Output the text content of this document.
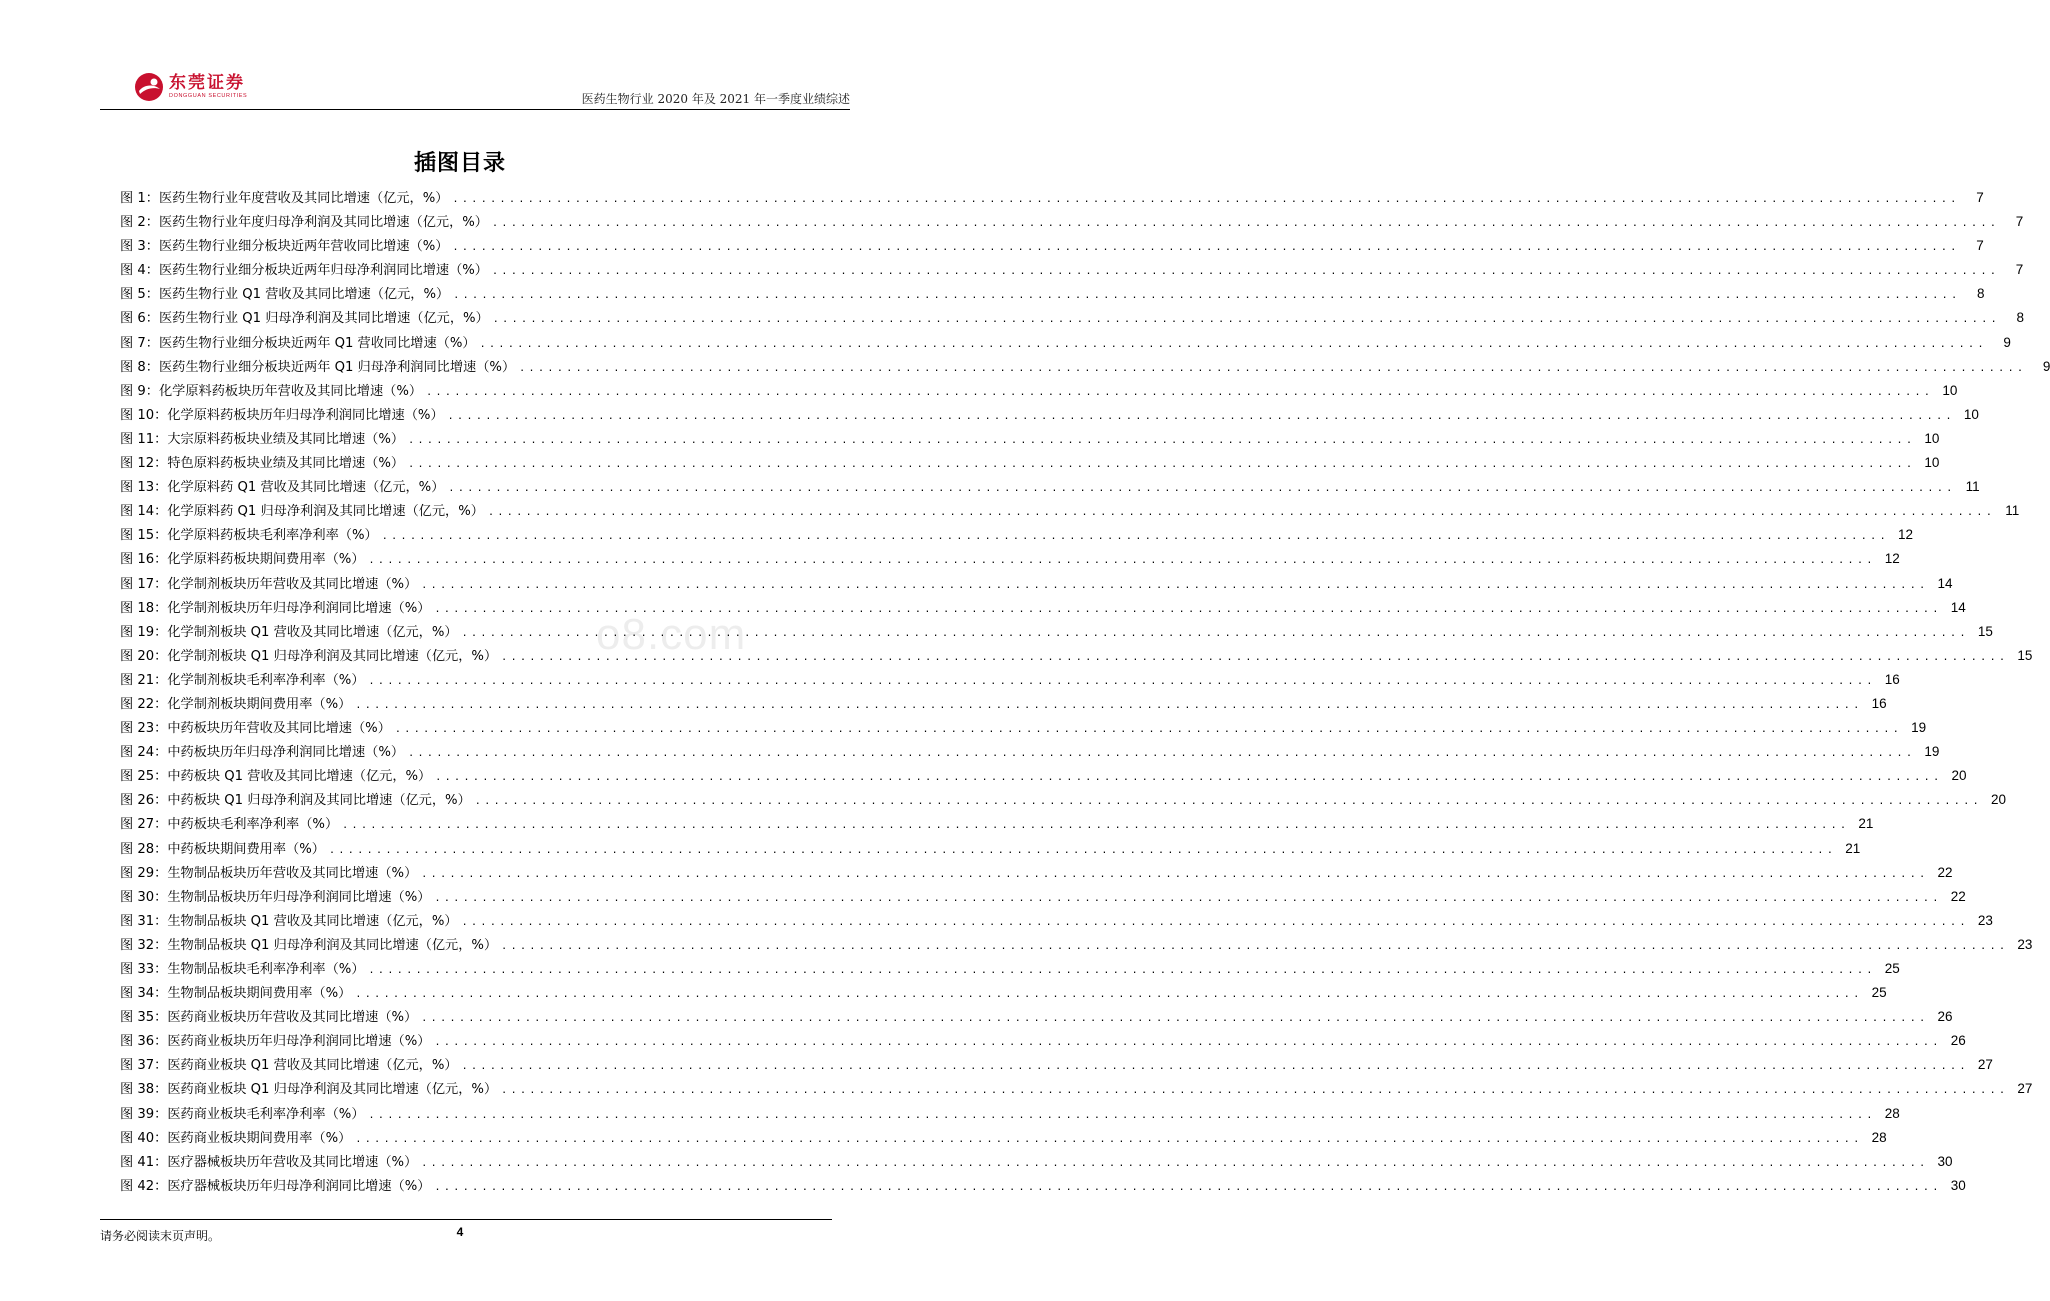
东莞证券
DONGGUAN SECURITIES	医药生物行业 2020 年及 2021 年一季度业绩综述
o8.com
插图目录
图 1：医药生物行业年度营收及其同比增速（亿元，%） ................................................................................................................................................................	7
图 2：医药生物行业年度归母净利润及其同比增速（亿元，%） ................................................................................................................................................................	7
图 3：医药生物行业细分板块近两年营收同比增速（%） ................................................................................................................................................................	7
图 4：医药生物行业细分板块近两年归母净利润同比增速（%） ................................................................................................................................................................	7
图 5：医药生物行业 Q1 营收及其同比增速（亿元，%） ................................................................................................................................................................	8
图 6：医药生物行业 Q1 归母净利润及其同比增速（亿元，%） ................................................................................................................................................................	8
图 7：医药生物行业细分板块近两年 Q1 营收同比增速（%） ................................................................................................................................................................	9
图 8：医药生物行业细分板块近两年 Q1 归母净利润同比增速（%） ................................................................................................................................................................	9
图 9：化学原料药板块历年营收及其同比增速（%） ................................................................................................................................................................ 10
图 10：化学原料药板块历年归母净利润同比增速（%） ................................................................................................................................................................ 10
图 11：大宗原料药板块业绩及其同比增速（%） ................................................................................................................................................................ 10
图 12：特色原料药板块业绩及其同比增速（%） ................................................................................................................................................................ 10
图 13：化学原料药 Q1 营收及其同比增速（亿元，%） ................................................................................................................................................................ 11
图 14：化学原料药 Q1 归母净利润及其同比增速（亿元，%） ................................................................................................................................................................ 11
图 15：化学原料药板块毛利率净利率（%） ................................................................................................................................................................ 12
图 16：化学原料药板块期间费用率（%） ................................................................................................................................................................ 12
图 17：化学制剂板块历年营收及其同比增速（%） ................................................................................................................................................................ 14
图 18：化学制剂板块历年归母净利润同比增速（%） ................................................................................................................................................................ 14
图 19：化学制剂板块 Q1 营收及其同比增速（亿元，%） ................................................................................................................................................................ 15
图 20：化学制剂板块 Q1 归母净利润及其同比增速（亿元，%） ................................................................................................................................................................ 15
图 21：化学制剂板块毛利率净利率（%） ................................................................................................................................................................ 16
图 22：化学制剂板块期间费用率（%） ................................................................................................................................................................ 16
图 23：中药板块历年营收及其同比增速（%） ................................................................................................................................................................ 19
图 24：中药板块历年归母净利润同比增速（%） ................................................................................................................................................................ 19
图 25：中药板块 Q1 营收及其同比增速（亿元，%） ................................................................................................................................................................ 20
图 26：中药板块 Q1 归母净利润及其同比增速（亿元，%） ................................................................................................................................................................ 20
图 27：中药板块毛利率净利率（%） ................................................................................................................................................................ 21
图 28：中药板块期间费用率（%） ................................................................................................................................................................ 21
图 29：生物制品板块历年营收及其同比增速（%） ................................................................................................................................................................ 22
图 30：生物制品板块历年归母净利润同比增速（%） ................................................................................................................................................................ 22
图 31：生物制品板块 Q1 营收及其同比增速（亿元，%） ................................................................................................................................................................ 23
图 32：生物制品板块 Q1 归母净利润及其同比增速（亿元，%） ................................................................................................................................................................ 23
图 33：生物制品板块毛利率净利率（%） ................................................................................................................................................................ 25
图 34：生物制品板块期间费用率（%） ................................................................................................................................................................ 25
图 35：医药商业板块历年营收及其同比增速（%） ................................................................................................................................................................ 26
图 36：医药商业板块历年归母净利润同比增速（%） ................................................................................................................................................................ 26
图 37：医药商业板块 Q1 营收及其同比增速（亿元，%） ................................................................................................................................................................ 27
图 38：医药商业板块 Q1 归母净利润及其同比增速（亿元，%） ................................................................................................................................................................ 27
图 39：医药商业板块毛利率净利率（%） ................................................................................................................................................................ 28
图 40：医药商业板块期间费用率（%） ................................................................................................................................................................ 28
图 41：医疗器械板块历年营收及其同比增速（%） ................................................................................................................................................................ 30
图 42：医疗器械板块历年归母净利润同比增速（%） ................................................................................................................................................................ 30
请务必阅读末页声明。	4
